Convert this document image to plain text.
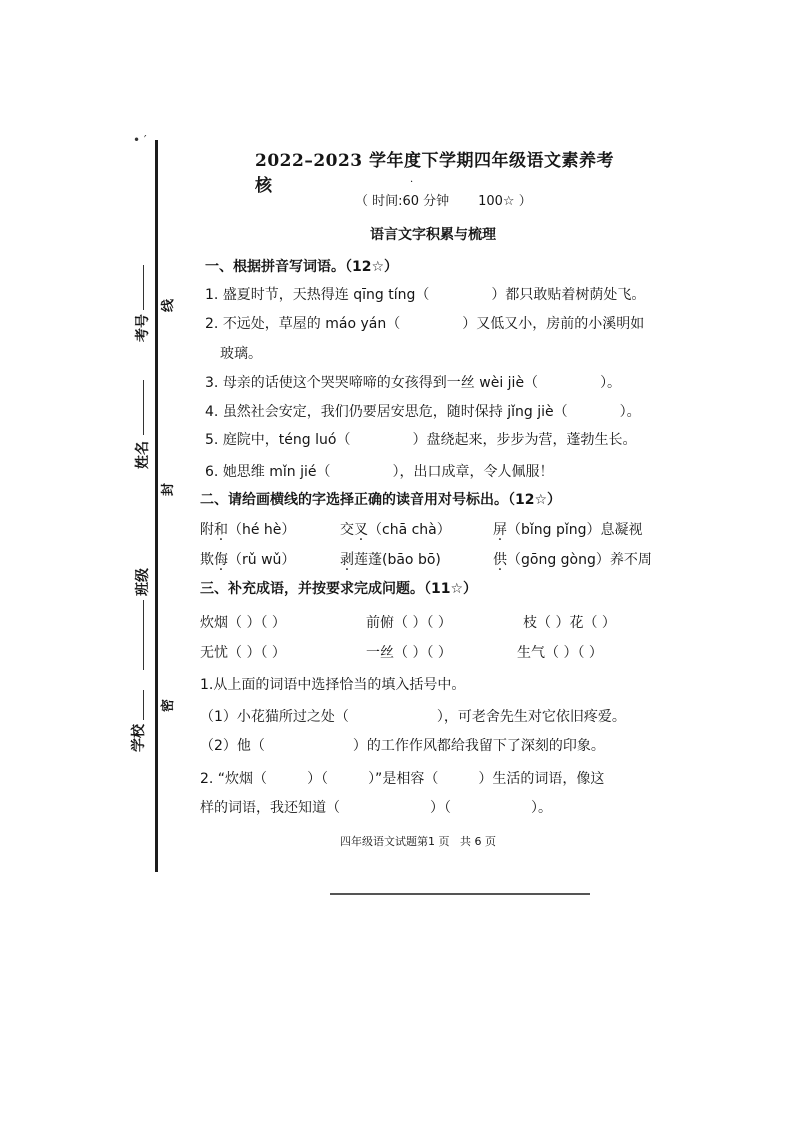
• ′
考号
姓名
班级
学校
线
封
密
2022–2023 学年度下学期四年级语文素养考核	·
（ 时间:60 分钟       100☆ ）
语言文字积累与梳理
一、根据拼音写词语。（12☆）
1. 盛夏时节，天热得连 qīng tíng（	）都只敢贴着树荫处飞。
2. 不远处，草屋的 máo yán（	）又低又小，房前的小溪明如
玻璃。
3. 母亲的话使这个哭哭啼啼的女孩得到一丝 wèi jiè（	）。
4. 虽然社会安定，我们仍要居安思危，随时保持 jǐng jiè（	）。
5. 庭院中，téng luó（	）盘绕起来，步步为营，蓬勃生长。
6. 她思维 mǐn jié（	），出口成章，令人佩服！
二、请给画横线的字选择正确的读音用对号标出。（12☆）
附和（hé hè）	交叉（chā chà）	屏（bǐng pǐng）息凝视
欺侮（rǔ wǔ）	剥莲蓬(bāo bō)	供（gōng gòng）养不周
三、补充成语，并按要求完成问题。（11☆）
炊烟（ ）（ ）	前俯（ ）（ ）	枝（ ）花（ ）
无忧（ ）（ ）	一丝（ ）（ ）	生气（ ）（ ）
1.从上面的词语中选择恰当的填入括号中。
（1）小花猫所过之处（	），可老舍先生对它依旧疼爱。
（2）他（	）的工作作风都给我留下了深刻的印象。
2. “炊烟（	）（	）”是相容（	）生活的词语，像这
样的词语，我还知道（	）（	）。
四年级语文试题第1 页   共 6 页
